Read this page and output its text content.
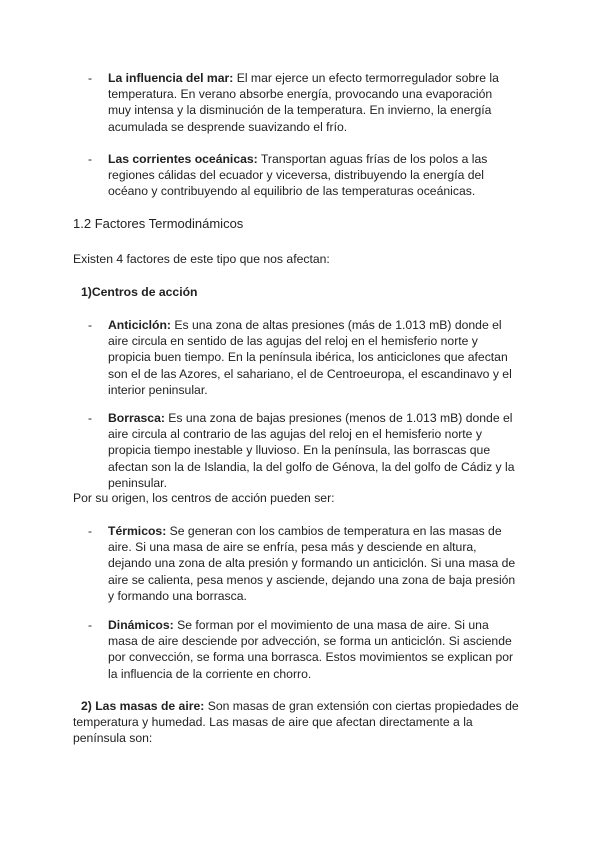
-	La influencia del mar: El mar ejerce un efecto termorregulador sobre la temperatura. En verano absorbe energía, provocando una evaporación muy intensa y la disminución de la temperatura. En invierno, la energía acumulada se desprende suavizando el frío.
-	Las corrientes oceánicas: Transportan aguas frías de los polos a las regiones cálidas del ecuador y viceversa, distribuyendo la energía del océano y contribuyendo al equilibrio de las temperaturas oceánicas.
1.2 Factores Termodinámicos
Existen 4 factores de este tipo que nos afectan:
1)Centros de acción
-	Anticiclón: Es una zona de altas presiones (más de 1.013 mB) donde el aire circula en sentido de las agujas del reloj en el hemisferio norte y propicia buen tiempo. En la península ibérica, los anticiclones que afectan son el de las Azores, el sahariano, el de Centroeuropa, el escandinavo y el interior peninsular.
-	Borrasca: Es una zona de bajas presiones (menos de 1.013 mB) donde el aire circula al contrario de las agujas del reloj en el hemisferio norte y propicia tiempo inestable y lluvioso. En la península, las borrascas que afectan son la de Islandia, la del golfo de Génova, la del golfo de Cádiz y la peninsular.
Por su origen, los centros de acción pueden ser:
-	Térmicos: Se generan con los cambios de temperatura en las masas de aire. Si una masa de aire se enfría, pesa más y desciende en altura, dejando una zona de alta presión y formando un anticiclón. Si una masa de aire se calienta, pesa menos y asciende, dejando una zona de baja presión y formando una borrasca.
-	Dinámicos: Se forman por el movimiento de una masa de aire. Si una masa de aire desciende por advección, se forma un anticiclón. Si asciende por convección, se forma una borrasca. Estos movimientos se explican por la influencia de la corriente en chorro.
2) Las masas de aire: Son masas de gran extensión con ciertas propiedades de temperatura y humedad. Las masas de aire que afectan directamente a la península son:
